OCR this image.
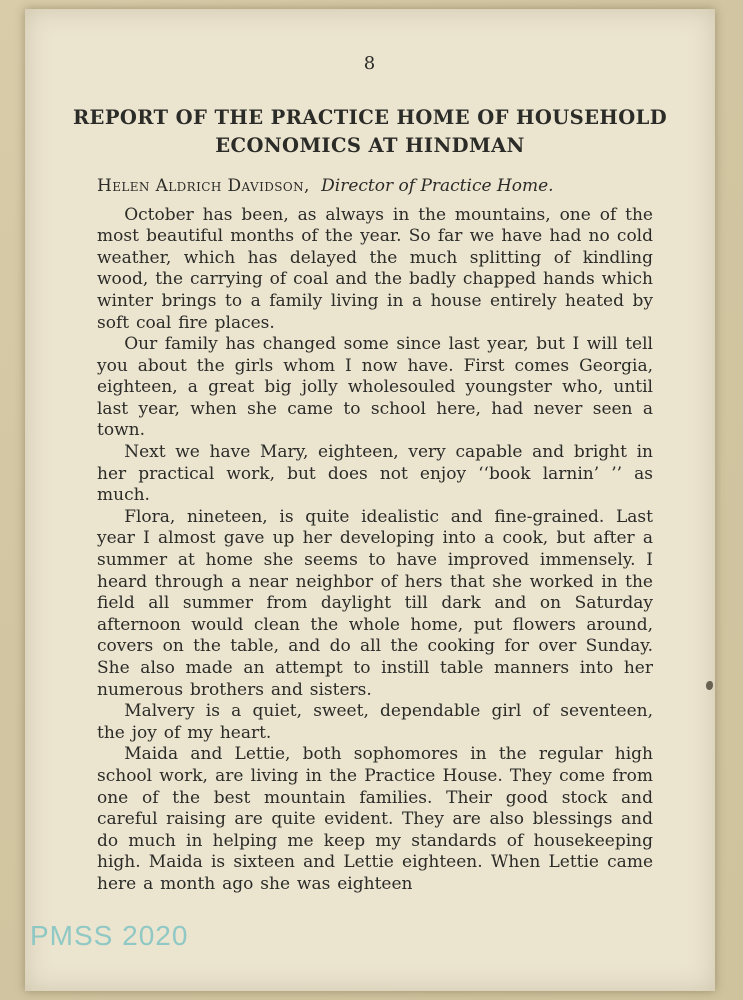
8
REPORT OF THE PRACTICE HOME OF HOUSEHOLD
ECONOMICS AT HINDMAN

Helen Aldrich Davidson, Director of Practice Home.

October has been, as always in the mountains, one of the most beautiful months of the year. So far we have had no cold weather, which has delayed the much splitting of kindling wood, the carrying of coal and the badly chapped hands which winter brings to a family living in a house entirely heated by soft coal fire places.

Our family has changed some since last year, but I will tell you about the girls whom I now have. First comes Georgia, eighteen, a great big jolly wholesouled youngster who, until last year, when she came to school here, had never seen a town.

Next we have Mary, eighteen, very capable and bright in her practical work, but does not enjoy ‘‘book larnin’ ’’ as much.

Flora, nineteen, is quite idealistic and fine-grained. Last year I almost gave up her developing into a cook, but after a summer at home she seems to have improved immensely. I heard through a near neighbor of hers that she worked in the field all summer from daylight till dark and on Saturday afternoon would clean the whole home, put flowers around, covers on the table, and do all the cooking for over Sunday. She also made an attempt to instill table manners into her numerous brothers and sisters.

Malvery is a quiet, sweet, dependable girl of seventeen, the joy of my heart.

Maida and Lettie, both sophomores in the regular high school work, are living in the Practice House. They come from one of the best mountain families. Their good stock and careful raising are quite evident. They are also blessings and do much in helping me keep my standards of housekeeping high. Maida is sixteen and Lettie eighteen. When Lettie came here a month ago she was eighteen

PMSS 2020
